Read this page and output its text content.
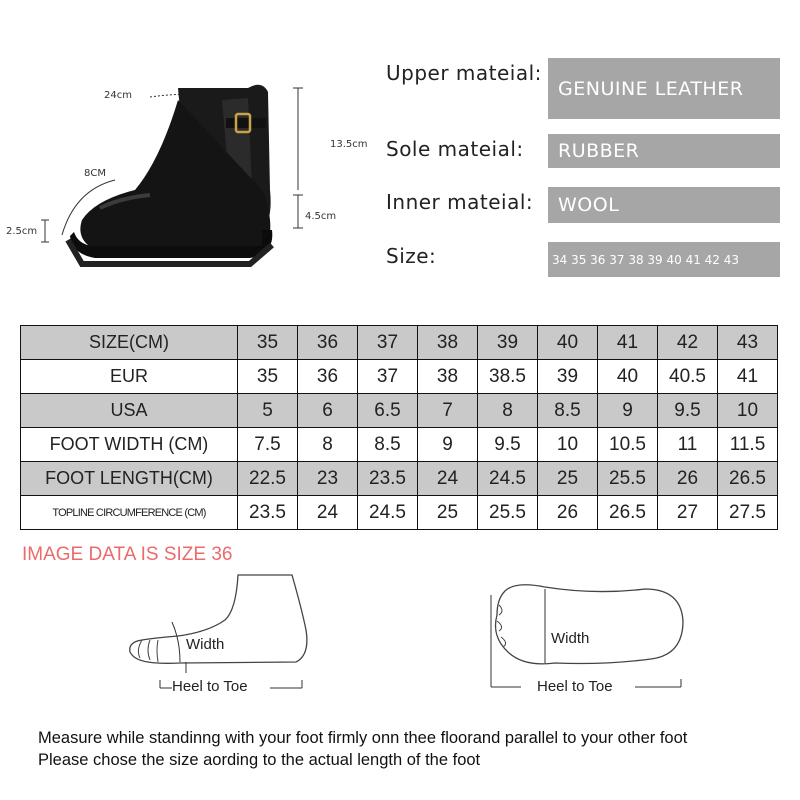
24cm
8CM
2.5cm
13.5cm
4.5cm
Upper mateial:
GENUINE LEATHER
Sole mateial:	RUBBER
Inner mateial:	WOOL
Size:	34 35 36 37 38 39 40 41 42 43
SIZE(CM)	35	36	37	38	39	40	41	42	43
EUR	35	36	37	38	38.5	39	40	40.5	41
USA	5	6	6.5	7	8	8.5	9	9.5	10
FOOT WIDTH (CM)	7.5	8	8.5	9	9.5	10	10.5	11	11.5
FOOT LENGTH(CM)	22.5	23	23.5	24	24.5	25	25.5	26	26.5
TOPLINE CIRCUMFERENCE (CM)	23.5	24	24.5	25	25.5	26	26.5	27	27.5
IMAGE DATA IS SIZE 36
Width
Heel to Toe
Width
Heel to Toe
Measure while standinng with your foot firmly onn thee floorand parallel to your other foot
Please chose the size aording to the actual length of the foot
